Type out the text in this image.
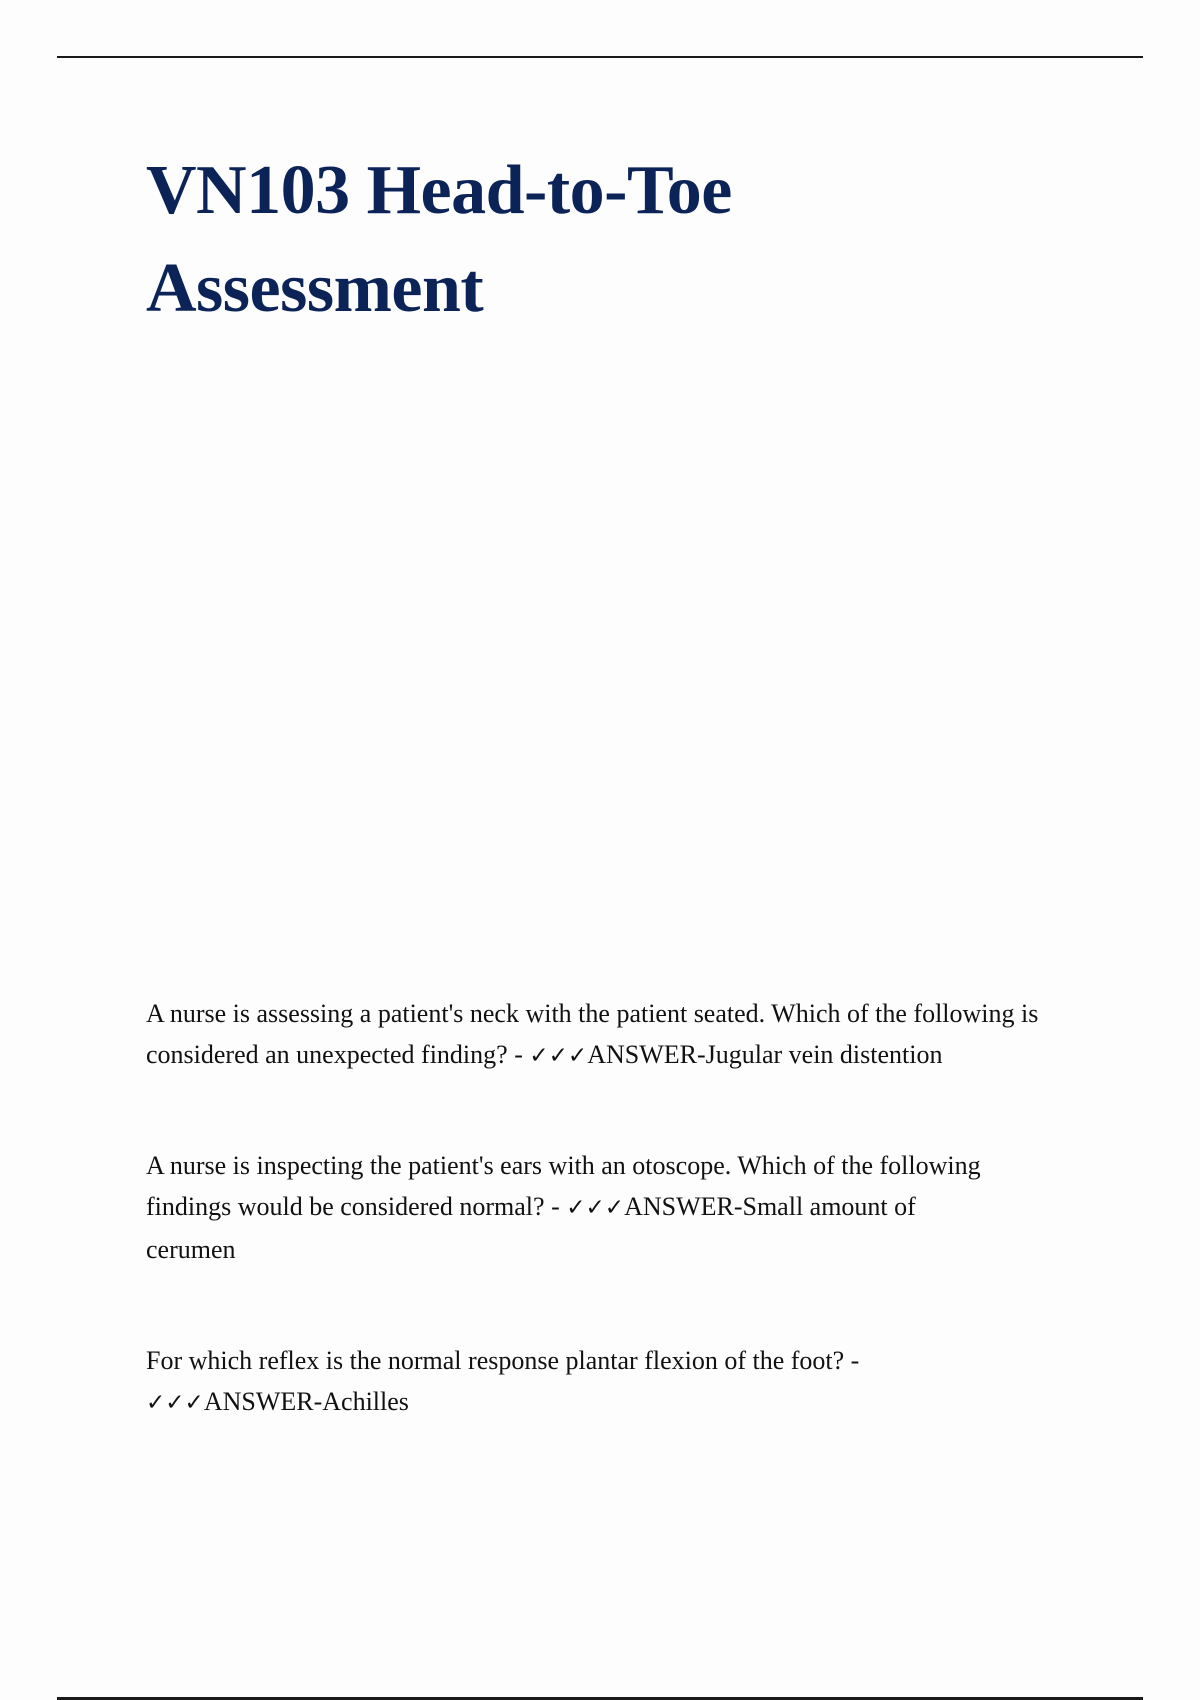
VN103 Head-to-Toe Assessment

A nurse is assessing a patient's neck with the patient seated. Which of the following is considered an unexpected finding? - ✓✓✓ANSWER-Jugular vein distention

A nurse is inspecting the patient's ears with an otoscope. Which of the following findings would be considered normal? - ✓✓✓ANSWER-Small amount of cerumen

For which reflex is the normal response plantar flexion of the foot? - ✓✓✓ANSWER-Achilles
